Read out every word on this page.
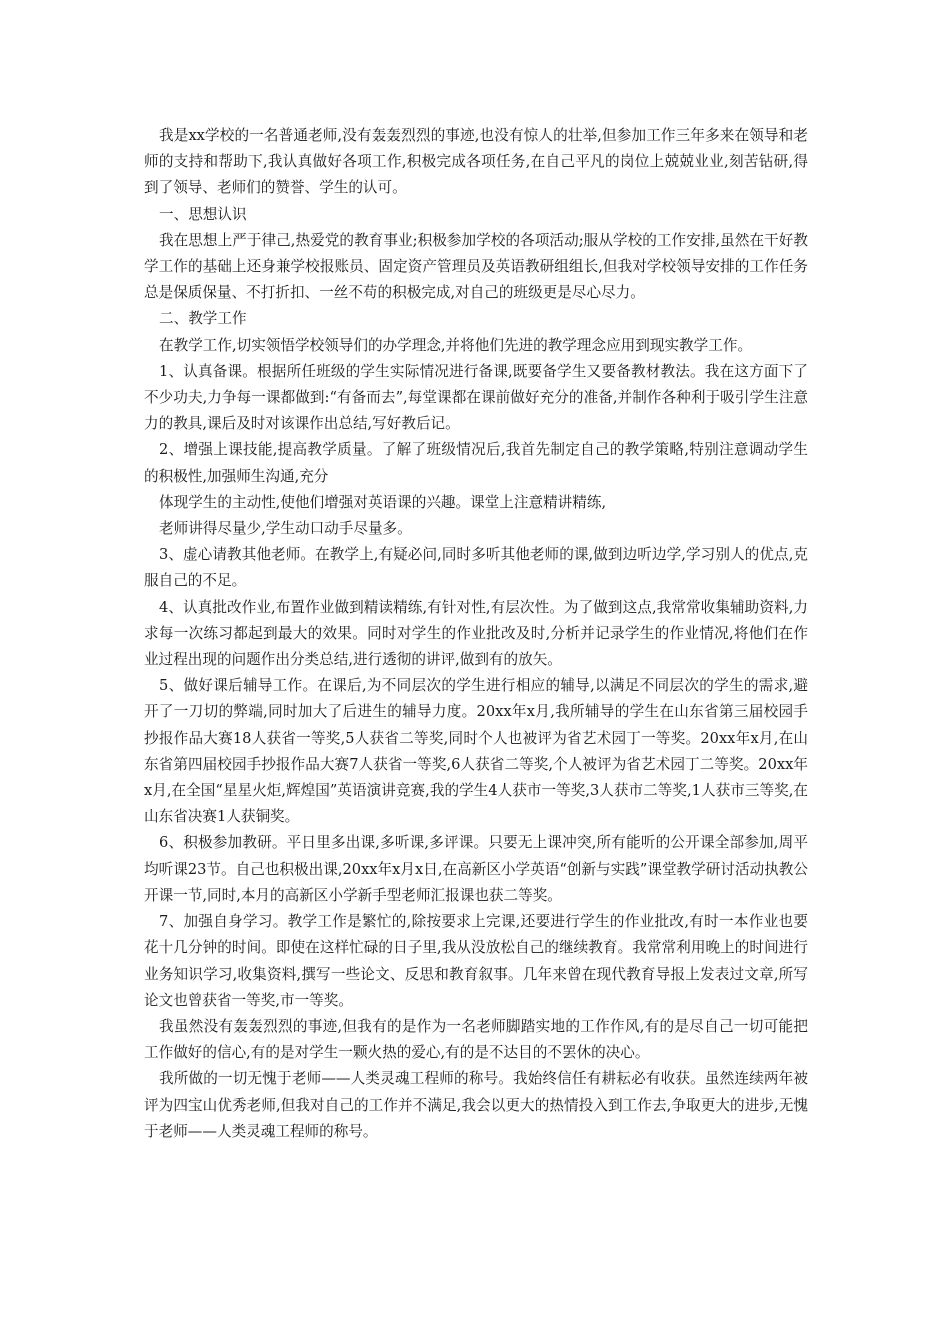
我是xx学校的一名普通老师,没有轰轰烈烈的事迹,也没有惊人的壮举,但参加工作三年多来在领导和老师的支持和帮助下,我认真做好各项工作,积极完成各项任务,在自己平凡的岗位上兢兢业业,刻苦钻研,得到了领导、老师们的赞誉、学生的认可。

一、思想认识

我在思想上严于律己,热爱党的教育事业;积极参加学校的各项活动;服从学校的工作安排,虽然在干好教学工作的基础上还身兼学校报账员、固定资产管理员及英语教研组组长,但我对学校领导安排的工作任务总是保质保量、不打折扣、一丝不苟的积极完成,对自己的班级更是尽心尽力。

二、教学工作

在教学工作,切实领悟学校领导们的办学理念,并将他们先进的教学理念应用到现实教学工作。

1、认真备课。根据所任班级的学生实际情况进行备课,既要备学生又要备教材教法。我在这方面下了不少功夫,力争每一课都做到:“有备而去”,每堂课都在课前做好充分的准备,并制作各种利于吸引学生注意力的教具,课后及时对该课作出总结,写好教后记。

2、增强上课技能,提高教学质量。了解了班级情况后,我首先制定自己的教学策略,特别注意调动学生的积极性,加强师生沟通,充分

体现学生的主动性,使他们增强对英语课的兴趣。课堂上注意精讲精练,

老师讲得尽量少,学生动口动手尽量多。

3、虚心请教其他老师。在教学上,有疑必问,同时多听其他老师的课,做到边听边学,学习别人的优点,克服自己的不足。

4、认真批改作业,布置作业做到精读精练,有针对性,有层次性。为了做到这点,我常常收集辅助资料,力求每一次练习都起到最大的效果。同时对学生的作业批改及时,分析并记录学生的作业情况,将他们在作业过程出现的问题作出分类总结,进行透彻的讲评,做到有的放矢。

5、做好课后辅导工作。在课后,为不同层次的学生进行相应的辅导,以满足不同层次的学生的需求,避开了一刀切的弊端,同时加大了后进生的辅导力度。20xx年x月,我所辅导的学生在山东省第三届校园手抄报作品大赛18人获省一等奖,5人获省二等奖,同时个人也被评为省艺术园丁一等奖。20xx年x月,在山东省第四届校园手抄报作品大赛7人获省一等奖,6人获省二等奖,个人被评为省艺术园丁二等奖。20xx年x月,在全国“星星火炬,辉煌国”英语演讲竞赛,我的学生4人获市一等奖,3人获市二等奖,1人获市三等奖,在山东省决赛1人获铜奖。

6、积极参加教研。平日里多出课,多听课,多评课。只要无上课冲突,所有能听的公开课全部参加,周平均听课23节。自己也积极出课,20xx年x月x日,在高新区小学英语“创新与实践”课堂教学研讨活动执教公开课一节,同时,本月的高新区小学新手型老师汇报课也获二等奖。

7、加强自身学习。教学工作是繁忙的,除按要求上完课,还要进行学生的作业批改,有时一本作业也要花十几分钟的时间。即使在这样忙碌的日子里,我从没放松自己的继续教育。我常常利用晚上的时间进行业务知识学习,收集资料,撰写一些论文、反思和教育叙事。几年来曾在现代教育导报上发表过文章,所写论文也曾获省一等奖,市一等奖。

我虽然没有轰轰烈烈的事迹,但我有的是作为一名老师脚踏实地的工作作风,有的是尽自己一切可能把工作做好的信心,有的是对学生一颗火热的爱心,有的是不达目的不罢休的决心。

我所做的一切无愧于老师——人类灵魂工程师的称号。我始终信任有耕耘必有收获。虽然连续两年被评为四宝山优秀老师,但我对自己的工作并不满足,我会以更大的热情投入到工作去,争取更大的进步,无愧于老师——人类灵魂工程师的称号。
